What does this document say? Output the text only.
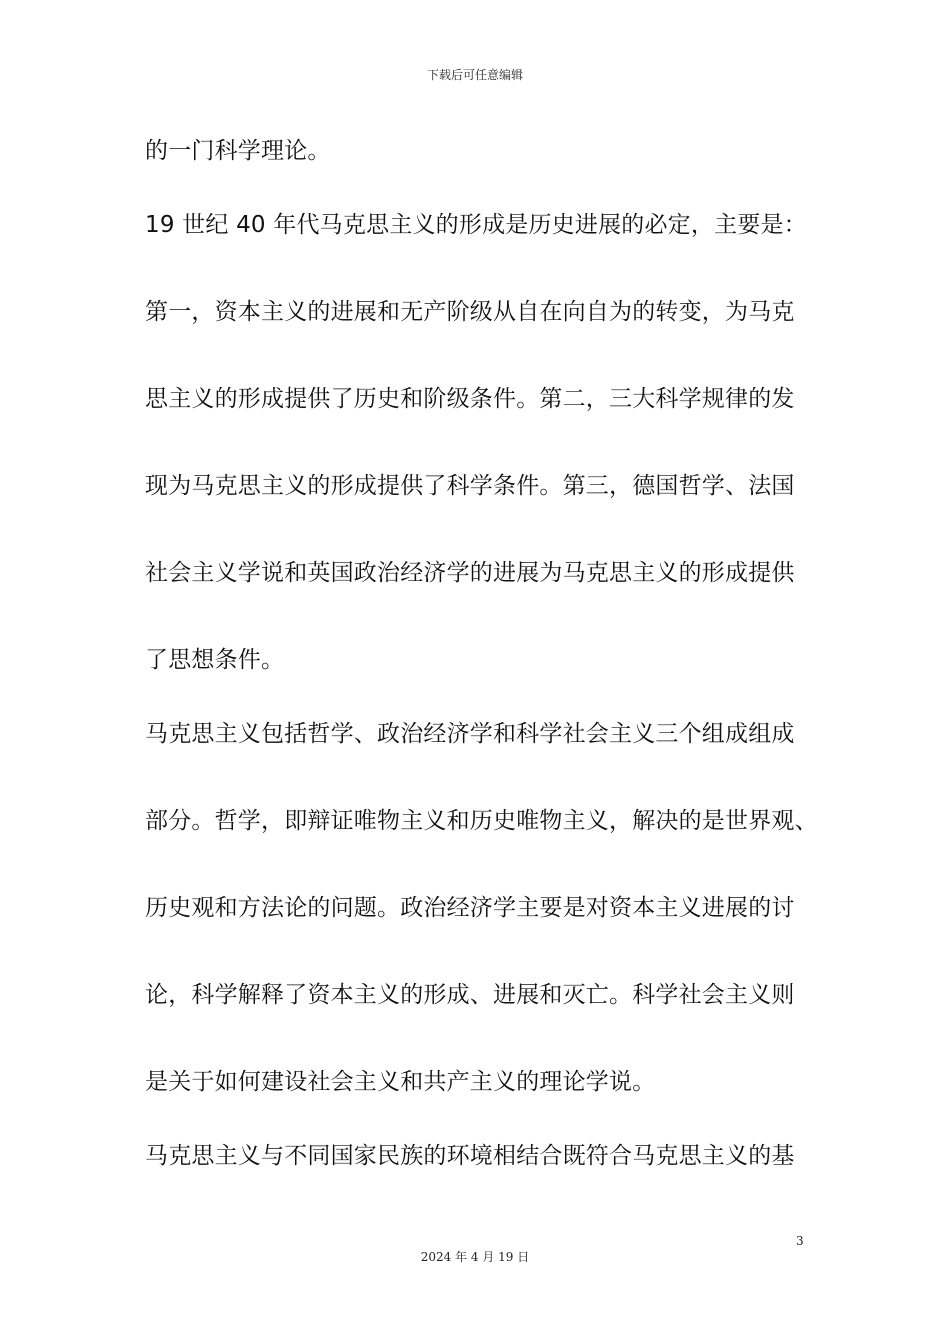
下载后可任意编辑
的一门科学理论。
19 世纪 40 年代马克思主义的形成是历史进展的必定，主要是：
第一，资本主义的进展和无产阶级从自在向自为的转变，为马克
思主义的形成提供了历史和阶级条件。第二，三大科学规律的发
现为马克思主义的形成提供了科学条件。第三，德国哲学、法国
社会主义学说和英国政治经济学的进展为马克思主义的形成提供
了思想条件。
马克思主义包括哲学、政治经济学和科学社会主义三个组成组成
部分。哲学，即辩证唯物主义和历史唯物主义，解决的是世界观、
历史观和方法论的问题。政治经济学主要是对资本主义进展的讨
论，科学解释了资本主义的形成、进展和灭亡。科学社会主义则
是关于如何建设社会主义和共产主义的理论学说。
马克思主义与不同国家民族的环境相结合既符合马克思主义的基
3
2024 年 4 月 19 日
